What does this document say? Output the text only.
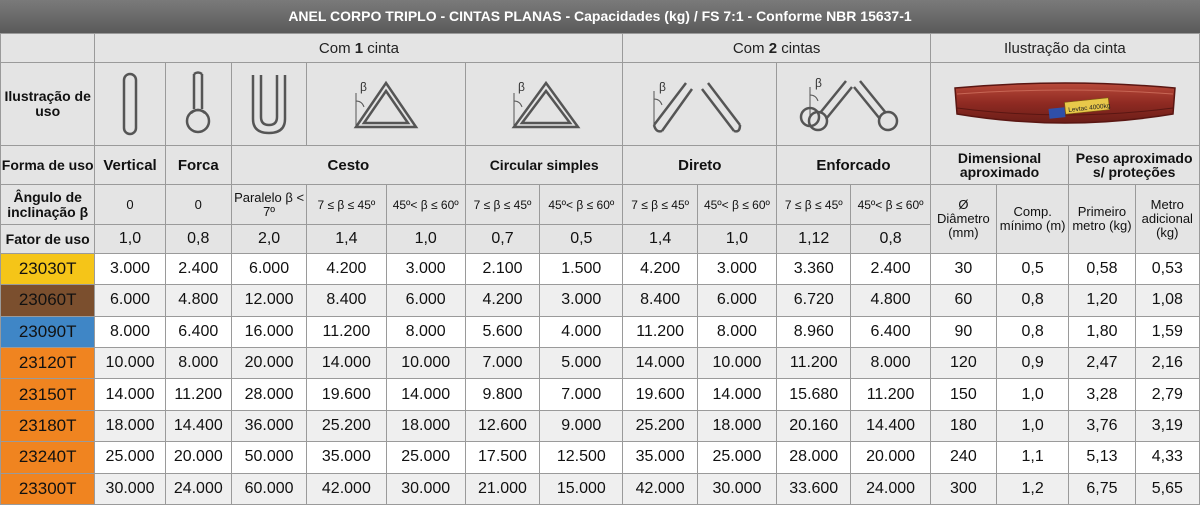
ANEL CORPO TRIPLO - CINTAS PLANAS - Capacidades (kg) / FS 7:1 - Conforme NBR 15637-1
	Com 1 cinta							Com 2 cintas				Ilustração da cinta			
Ilustração de uso				β		β		β		β		Levtac 4000kg			

Forma de uso	Vertical	Forca	Cesto			Circular simples		Direto		Enforcado		Dimensional aproximado		Peso aproximado s/ proteções	
Ângulo de inclinação β	0	0	Paralelo β < 7º	7 ≤ β ≤ 45º	45º< β ≤ 60º	7 ≤ β ≤ 45º	45º< β ≤ 60º	7 ≤ β ≤ 45º	45º< β ≤ 60º	7 ≤ β ≤ 45º	45º< β ≤ 60º	Ø Diâmetro (mm)	Comp. mínimo (m)	Primeiro metro (kg)	Metro adicional (kg)
Fator de uso	1,0	0,8	2,0	1,4	1,0	0,7	0,5	1,4	1,0	1,12	0,8				
23030T	3.000	2.400	6.000	4.200	3.000	2.100	1.500	4.200	3.000	3.360	2.400	30	0,5	0,58	0,53
23060T	6.000	4.800	12.000	8.400	6.000	4.200	3.000	8.400	6.000	6.720	4.800	60	0,8	1,20	1,08
23090T	8.000	6.400	16.000	11.200	8.000	5.600	4.000	11.200	8.000	8.960	6.400	90	0,8	1,80	1,59
23120T	10.000	8.000	20.000	14.000	10.000	7.000	5.000	14.000	10.000	11.200	8.000	120	0,9	2,47	2,16
23150T	14.000	11.200	28.000	19.600	14.000	9.800	7.000	19.600	14.000	15.680	11.200	150	1,0	3,28	2,79
23180T	18.000	14.400	36.000	25.200	18.000	12.600	9.000	25.200	18.000	20.160	14.400	180	1,0	3,76	3,19
23240T	25.000	20.000	50.000	35.000	25.000	17.500	12.500	35.000	25.000	28.000	20.000	240	1,1	5,13	4,33
23300T	30.000	24.000	60.000	42.000	30.000	21.000	15.000	42.000	30.000	33.600	24.000	300	1,2	6,75	5,65
